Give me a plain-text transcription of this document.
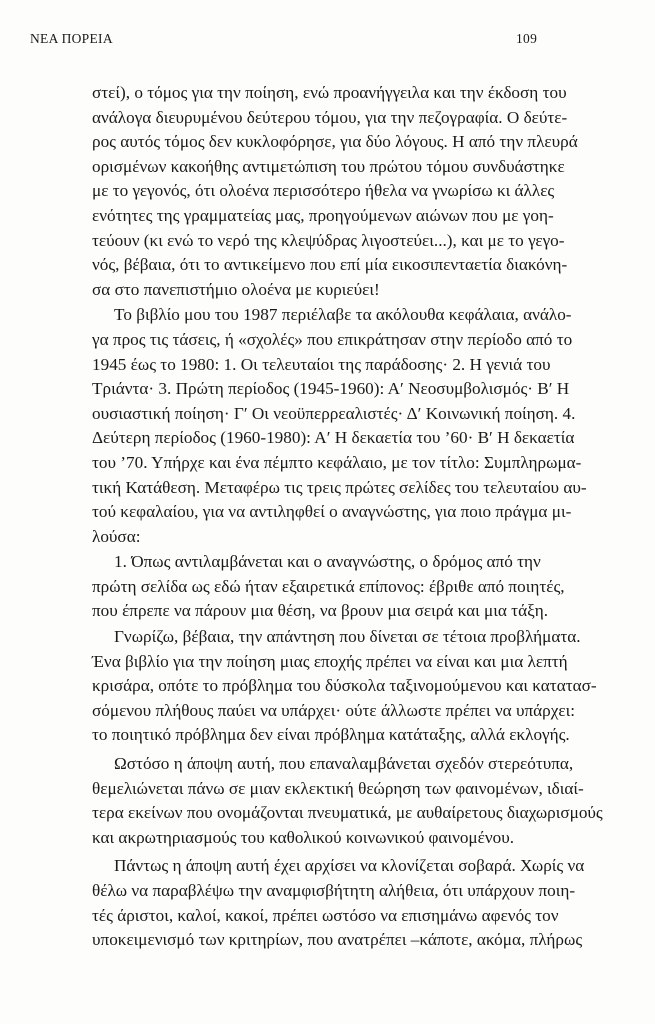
ΝΕΑ ΠΟΡΕΙΑ	109
στεί), ο τόμος για την ποίηση, ενώ προανήγγειλα και την έκδοση του
ανάλογα διευρυμένου δεύτερου τόμου, για την πεζογραφία. Ο δεύτε-
ρος αυτός τόμος δεν κυκλοφόρησε, για δύο λόγους. Η από την πλευρά
ορισμένων κακοήθης αντιμετώπιση του πρώτου τόμου συνδυάστηκε
με το γεγονός, ότι ολοένα περισσότερο ήθελα να γνωρίσω κι άλλες
ενότητες της γραμματείας μας, προηγούμενων αιώνων που με γοη-
τεύουν (κι ενώ το νερό της κλεψύδρας λιγοστεύει...), και με το γεγο-
νός, βέβαια, ότι το αντικείμενο που επί μία εικοσιπενταετία διακόνη-
σα στο πανεπιστήμιο ολοένα με κυριεύει!
Το βιβλίο μου του 1987 περιέλαβε τα ακόλουθα κεφάλαια, ανάλο-
γα προς τις τάσεις, ή «σχολές» που επικράτησαν στην περίοδο από το
1945 έως το 1980: 1. Οι τελευταίοι της παράδοσης· 2. Η γενιά του
Τριάντα· 3. Πρώτη περίοδος (1945-1960): Α′ Νεοσυμβολισμός· Β′ Η
ουσιαστική ποίηση· Γ′ Οι νεοϋπερρεαλιστές· Δ′ Κοινωνική ποίηση. 4.
Δεύτερη περίοδος (1960-1980): Α′ Η δεκαετία του ’60· Β′ Η δεκαετία
του ’70. Υπήρχε και ένα πέμπτο κεφάλαιο, με τον τίτλο: Συμπληρωμα-
τική Κατάθεση. Μεταφέρω τις τρεις πρώτες σελίδες του τελευταίου αυ-
τού κεφαλαίου, για να αντιληφθεί ο αναγνώστης, για ποιο πράγμα μι-
λούσα:
1. Όπως αντιλαμβάνεται και ο αναγνώστης, ο δρόμος από την
πρώτη σελίδα ως εδώ ήταν εξαιρετικά επίπονος: έβριθε από ποιητές,
που έπρεπε να πάρουν μια θέση, να βρουν μια σειρά και μια τάξη.
Γνωρίζω, βέβαια, την απάντηση που δίνεται σε τέτοια προβλήματα.
Ένα βιβλίο για την ποίηση μιας εποχής πρέπει να είναι και μια λεπτή
κρισάρα, οπότε το πρόβλημα του δύσκολα ταξινομούμενου και κατατασ-
σόμενου πλήθους παύει να υπάρχει· ούτε άλλωστε πρέπει να υπάρχει:
το ποιητικό πρόβλημα δεν είναι πρόβλημα κατάταξης, αλλά εκλογής.
Ωστόσο η άποψη αυτή, που επαναλαμβάνεται σχεδόν στερεότυπα,
θεμελιώνεται πάνω σε μιαν εκλεκτική θεώρηση των φαινομένων, ιδιαί-
τερα εκείνων που ονομάζονται πνευματικά, με αυθαίρετους διαχωρισμούς
και ακρωτηριασμούς του καθολικού κοινωνικού φαινομένου.
Πάντως η άποψη αυτή έχει αρχίσει να κλονίζεται σοβαρά. Χωρίς να
θέλω να παραβλέψω την αναμφισβήτητη αλήθεια, ότι υπάρχουν ποιη-
τές άριστοι, καλοί, κακοί, πρέπει ωστόσο να επισημάνω αφενός τον
υποκειμενισμό των κριτηρίων, που ανατρέπει –κάποτε, ακόμα, πλήρως
